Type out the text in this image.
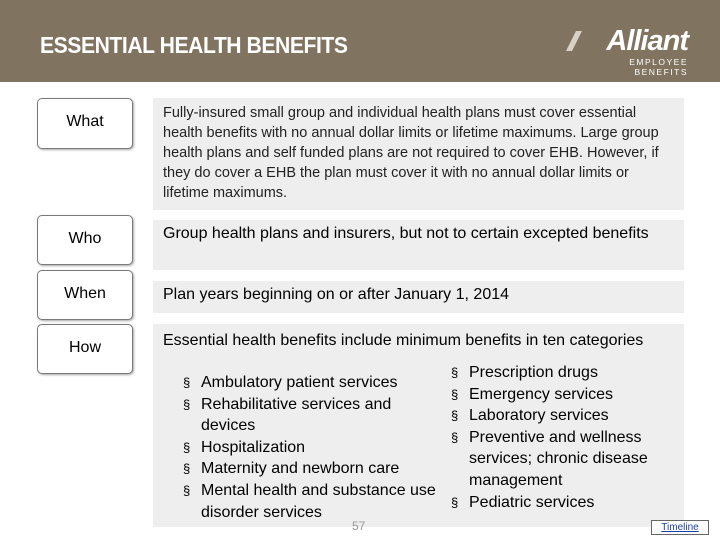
ESSENTIAL HEALTH BENEFITS	Alliant
EMPLOYEE BENEFITS
What	Fully-insured small group and individual health plans must cover essential health benefits with no annual dollar limits or lifetime maximums. Large group health plans and self funded plans are not required to cover EHB. However, if they do cover a EHB the plan must cover it with no annual dollar limits or lifetime maximums.
Who	Group health plans and insurers, but not to certain excepted benefits
When	Plan years beginning on or after January 1, 2014
How	Essential health benefits include minimum benefits in ten categories
§ Ambulatory patient services
§ Rehabilitative services and devices
§ Hospitalization
§ Maternity and newborn care
§ Mental health and substance use disorder services
§ Prescription drugs
§ Emergency services
§ Laboratory services
§ Preventive and wellness services; chronic disease management
§ Pediatric services
57	Timeline
